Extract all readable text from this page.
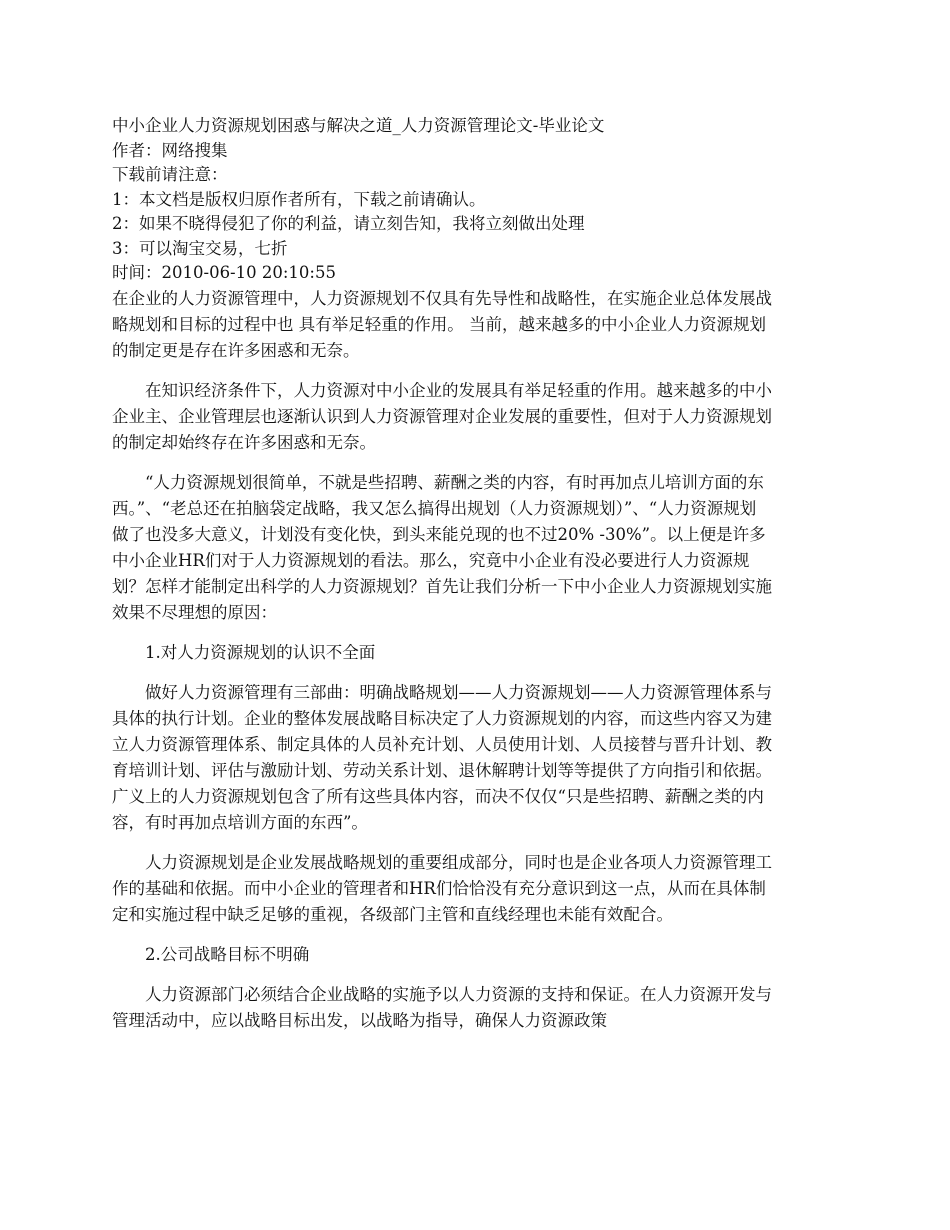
中小企业人力资源规划困惑与解决之道_人力资源管理论文-毕业论文
作者：网络搜集
下载前请注意：
1：本文档是版权归原作者所有，下载之前请确认。
2：如果不晓得侵犯了你的利益，请立刻告知，我将立刻做出处理
3：可以淘宝交易，七折
时间：2010-06-10 20:10:55

在企业的人力资源管理中，人力资源规划不仅具有先导性和战略性，在实施企业总体发展战略规划和目标的过程中也 具有举足轻重的作用。 当前，越来越多的中小企业人力资源规划的制定更是存在许多困惑和无奈。

在知识经济条件下，人力资源对中小企业的发展具有举足轻重的作用。越来越多的中小企业主、企业管理层也逐渐认识到人力资源管理对企业发展的重要性，但对于人力资源规划的制定却始终存在许多困惑和无奈。

“人力资源规划很简单，不就是些招聘、薪酬之类的内容，有时再加点儿培训方面的东西。”、“老总还在拍脑袋定战略，我又怎么搞得出规划（人力资源规划）”、“人力资源规划做了也没多大意义，计划没有变化快，到头来能兑现的也不过20% -30%”。以上便是许多中小企业HR们对于人力资源规划的看法。那么，究竟中小企业有没必要进行人力资源规划？怎样才能制定出科学的人力资源规划？首先让我们分析一下中小企业人力资源规划实施效果不尽理想的原因：

1.对人力资源规划的认识不全面

做好人力资源管理有三部曲：明确战略规划——人力资源规划——人力资源管理体系与具体的执行计划。企业的整体发展战略目标决定了人力资源规划的内容，而这些内容又为建立人力资源管理体系、制定具体的人员补充计划、人员使用计划、人员接替与晋升计划、教育培训计划、评估与激励计划、劳动关系计划、退休解聘计划等等提供了方向指引和依据。广义上的人力资源规划包含了所有这些具体内容，而决不仅仅“只是些招聘、薪酬之类的内容，有时再加点培训方面的东西”。

人力资源规划是企业发展战略规划的重要组成部分，同时也是企业各项人力资源管理工作的基础和依据。而中小企业的管理者和HR们恰恰没有充分意识到这一点，从而在具体制定和实施过程中缺乏足够的重视，各级部门主管和直线经理也未能有效配合。

2.公司战略目标不明确

人力资源部门必须结合企业战略的实施予以人力资源的支持和保证。在人力资源开发与管理活动中，应以战略目标出发，以战略为指导，确保人力资源政策
